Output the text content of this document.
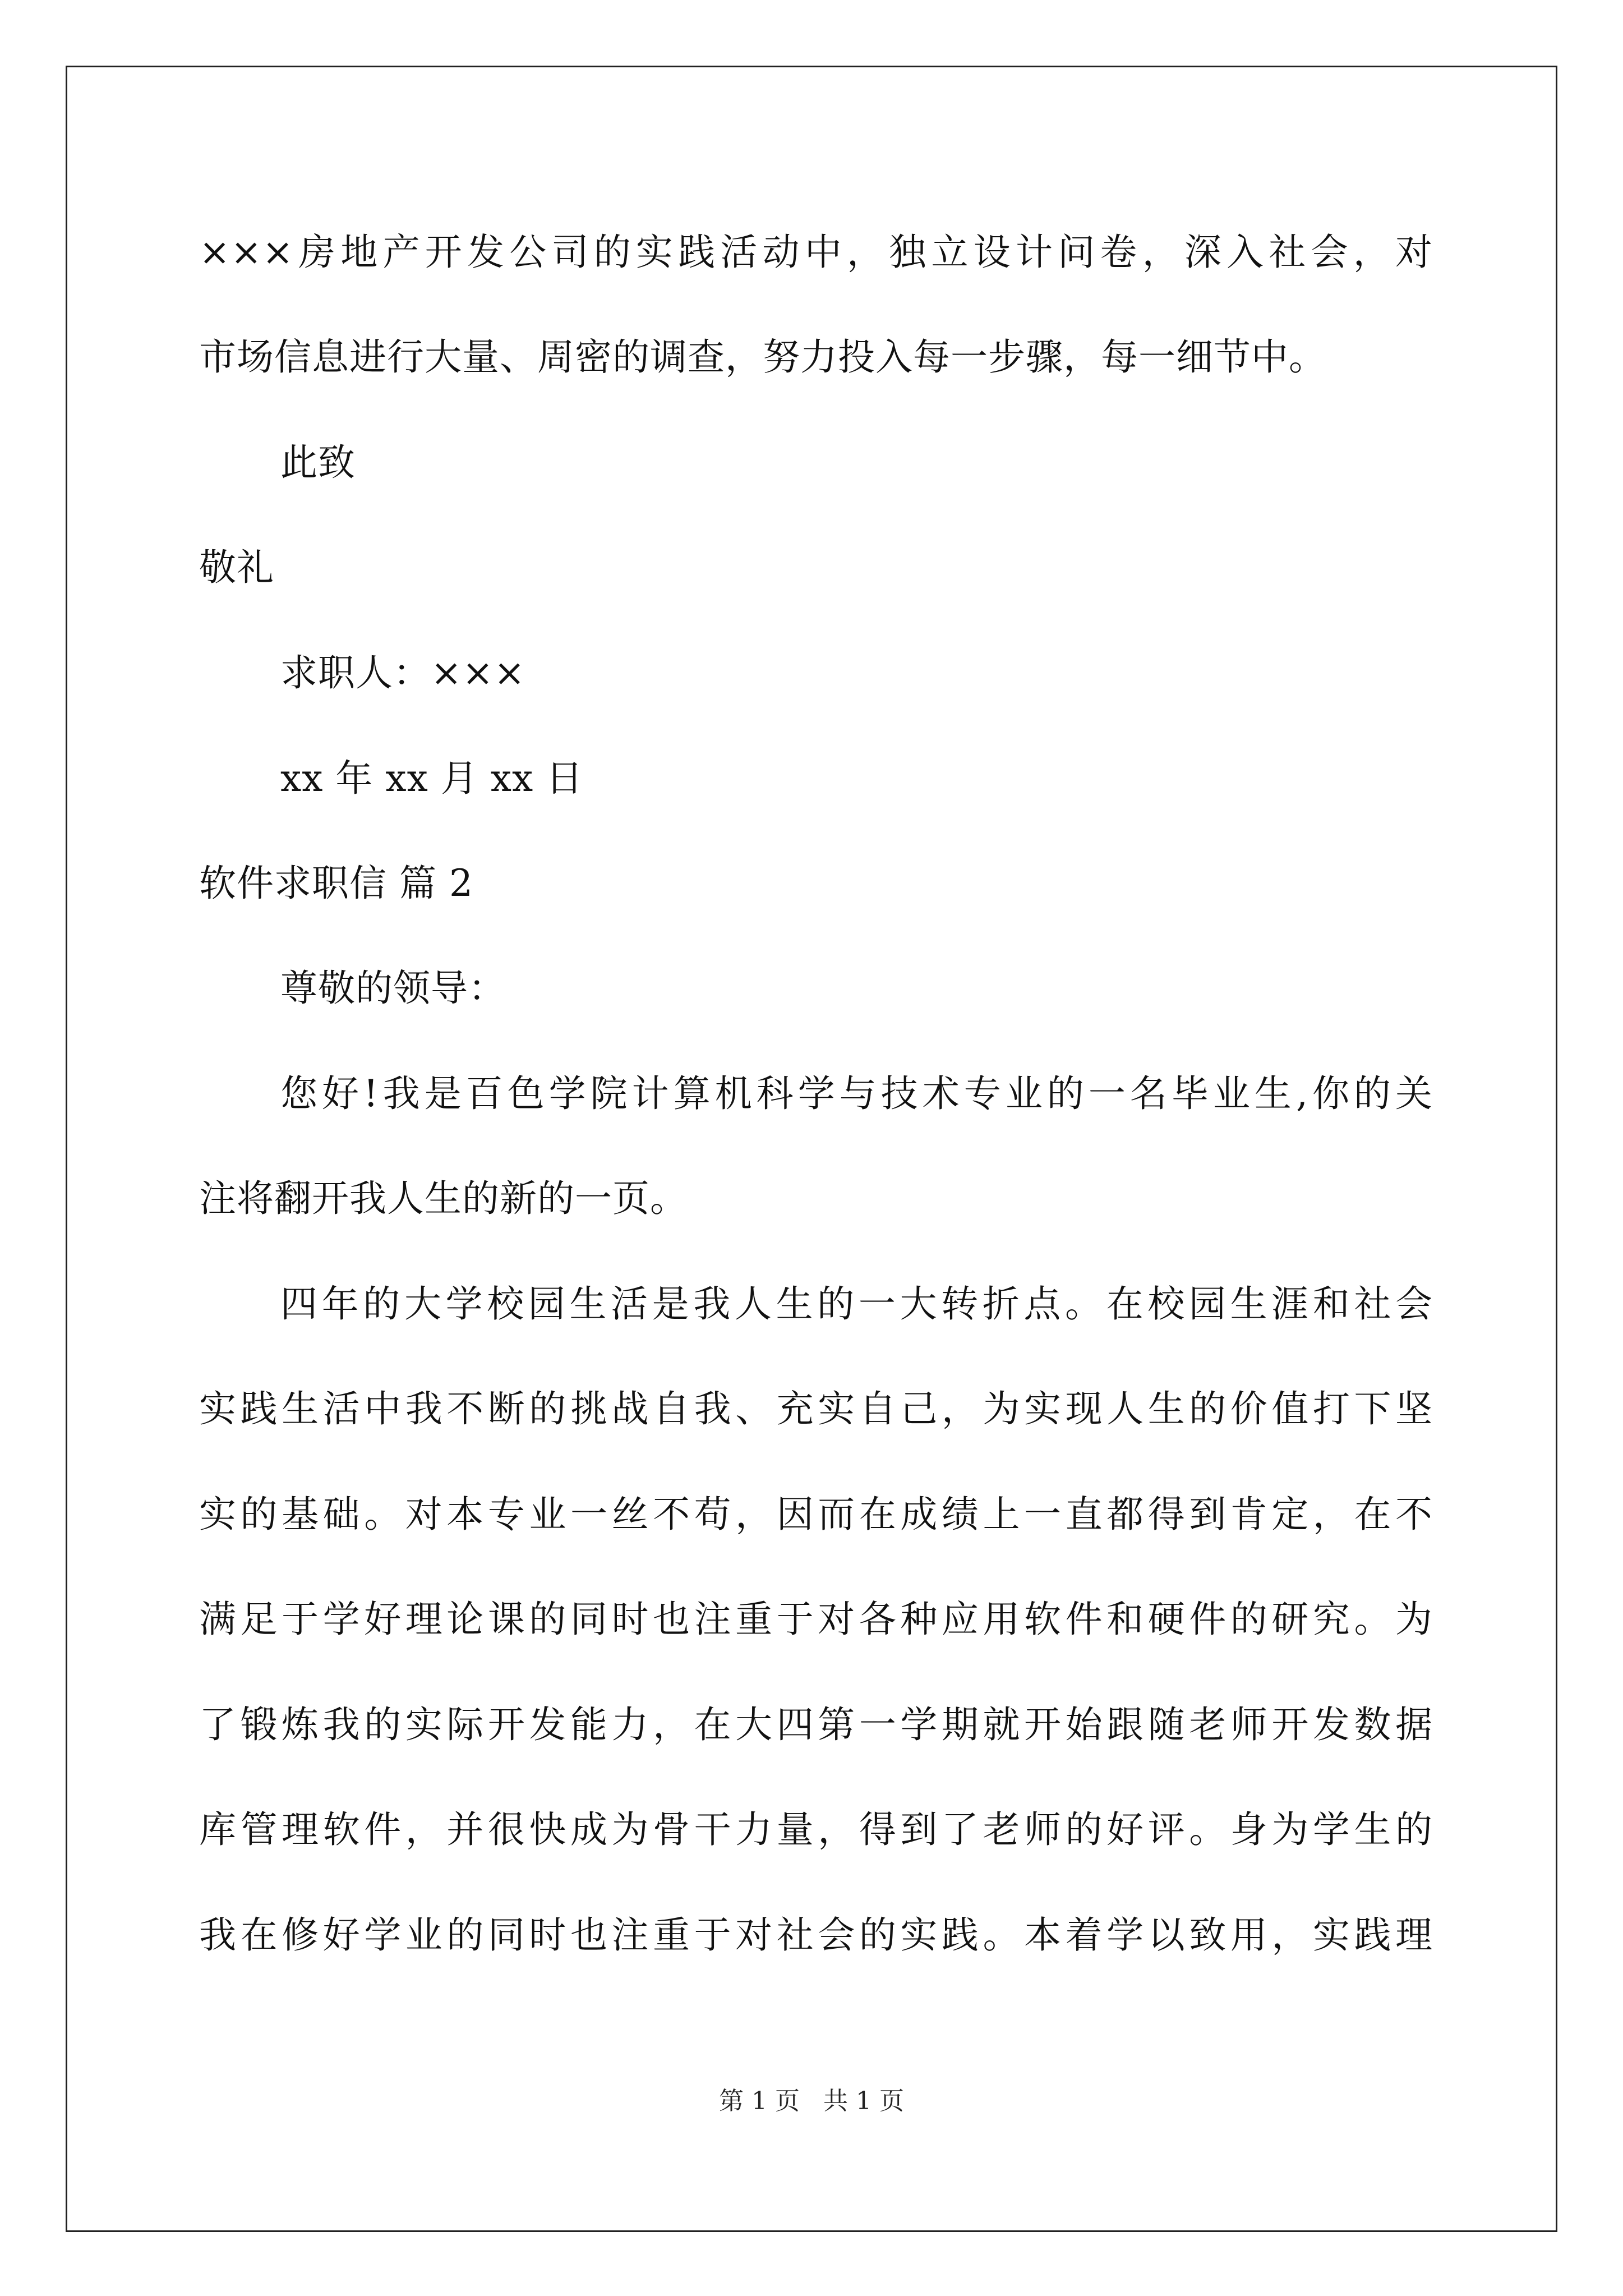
×××房地产开发公司的实践活动中，独立设计问卷，深入社会，对
市场信息进行大量、周密的调查，努力投入每一步骤，每一细节中。
此致
敬礼
求职人：×××
xx 年 xx 月 xx 日
软件求职信 篇 2
尊敬的领导：
您好!我是百色学院计算机科学与技术专业的一名毕业生,你的关
注将翻开我人生的新的一页。
四年的大学校园生活是我人生的一大转折点。在校园生涯和社会
实践生活中我不断的挑战自我、充实自己，为实现人生的价值打下坚
实的基础。对本专业一丝不苟，因而在成绩上一直都得到肯定，在不
满足于学好理论课的同时也注重于对各种应用软件和硬件的研究。为
了锻炼我的实际开发能力，在大四第一学期就开始跟随老师开发数据
库管理软件，并很快成为骨干力量，得到了老师的好评。身为学生的
我在修好学业的同时也注重于对社会的实践。本着学以致用，实践理
第 1 页 共 1 页
